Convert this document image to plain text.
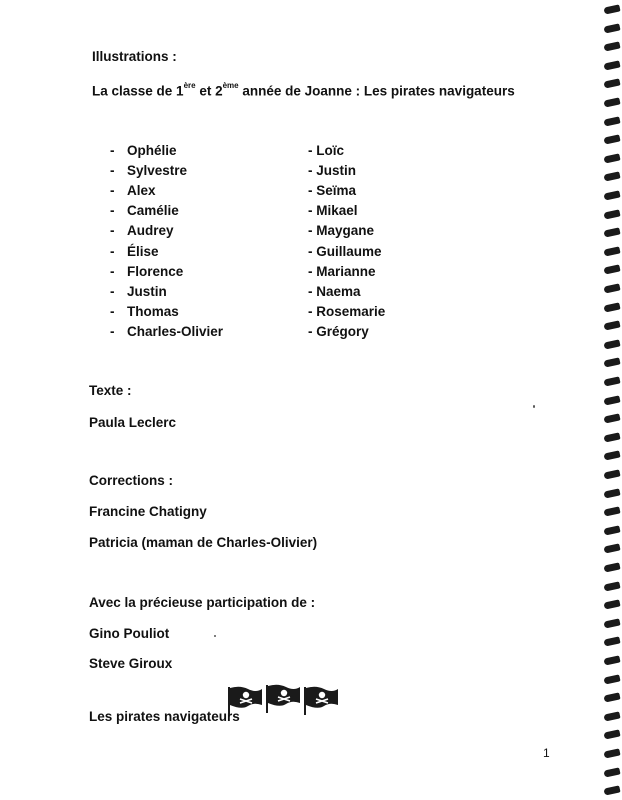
Illustrations :
La classe de 1ère et 2ème année de Joanne : Les pirates navigateurs
- Ophélie
- Sylvestre
- Alex
- Camélie
- Audrey
- Élise
- Florence
- Justin
- Thomas
- Charles-Olivier
- Loïc
- Justin
- Seïma
- Mikael
- Maygane
- Guillaume
- Marianne
- Naema
- Rosemarie
- Grégory
Texte :
Paula Leclerc
Corrections :
Francine Chatigny
Patricia (maman de Charles-Olivier)
Avec la précieuse participation de :
Gino Pouliot
Steve Giroux
Les pirates navigateurs
1
